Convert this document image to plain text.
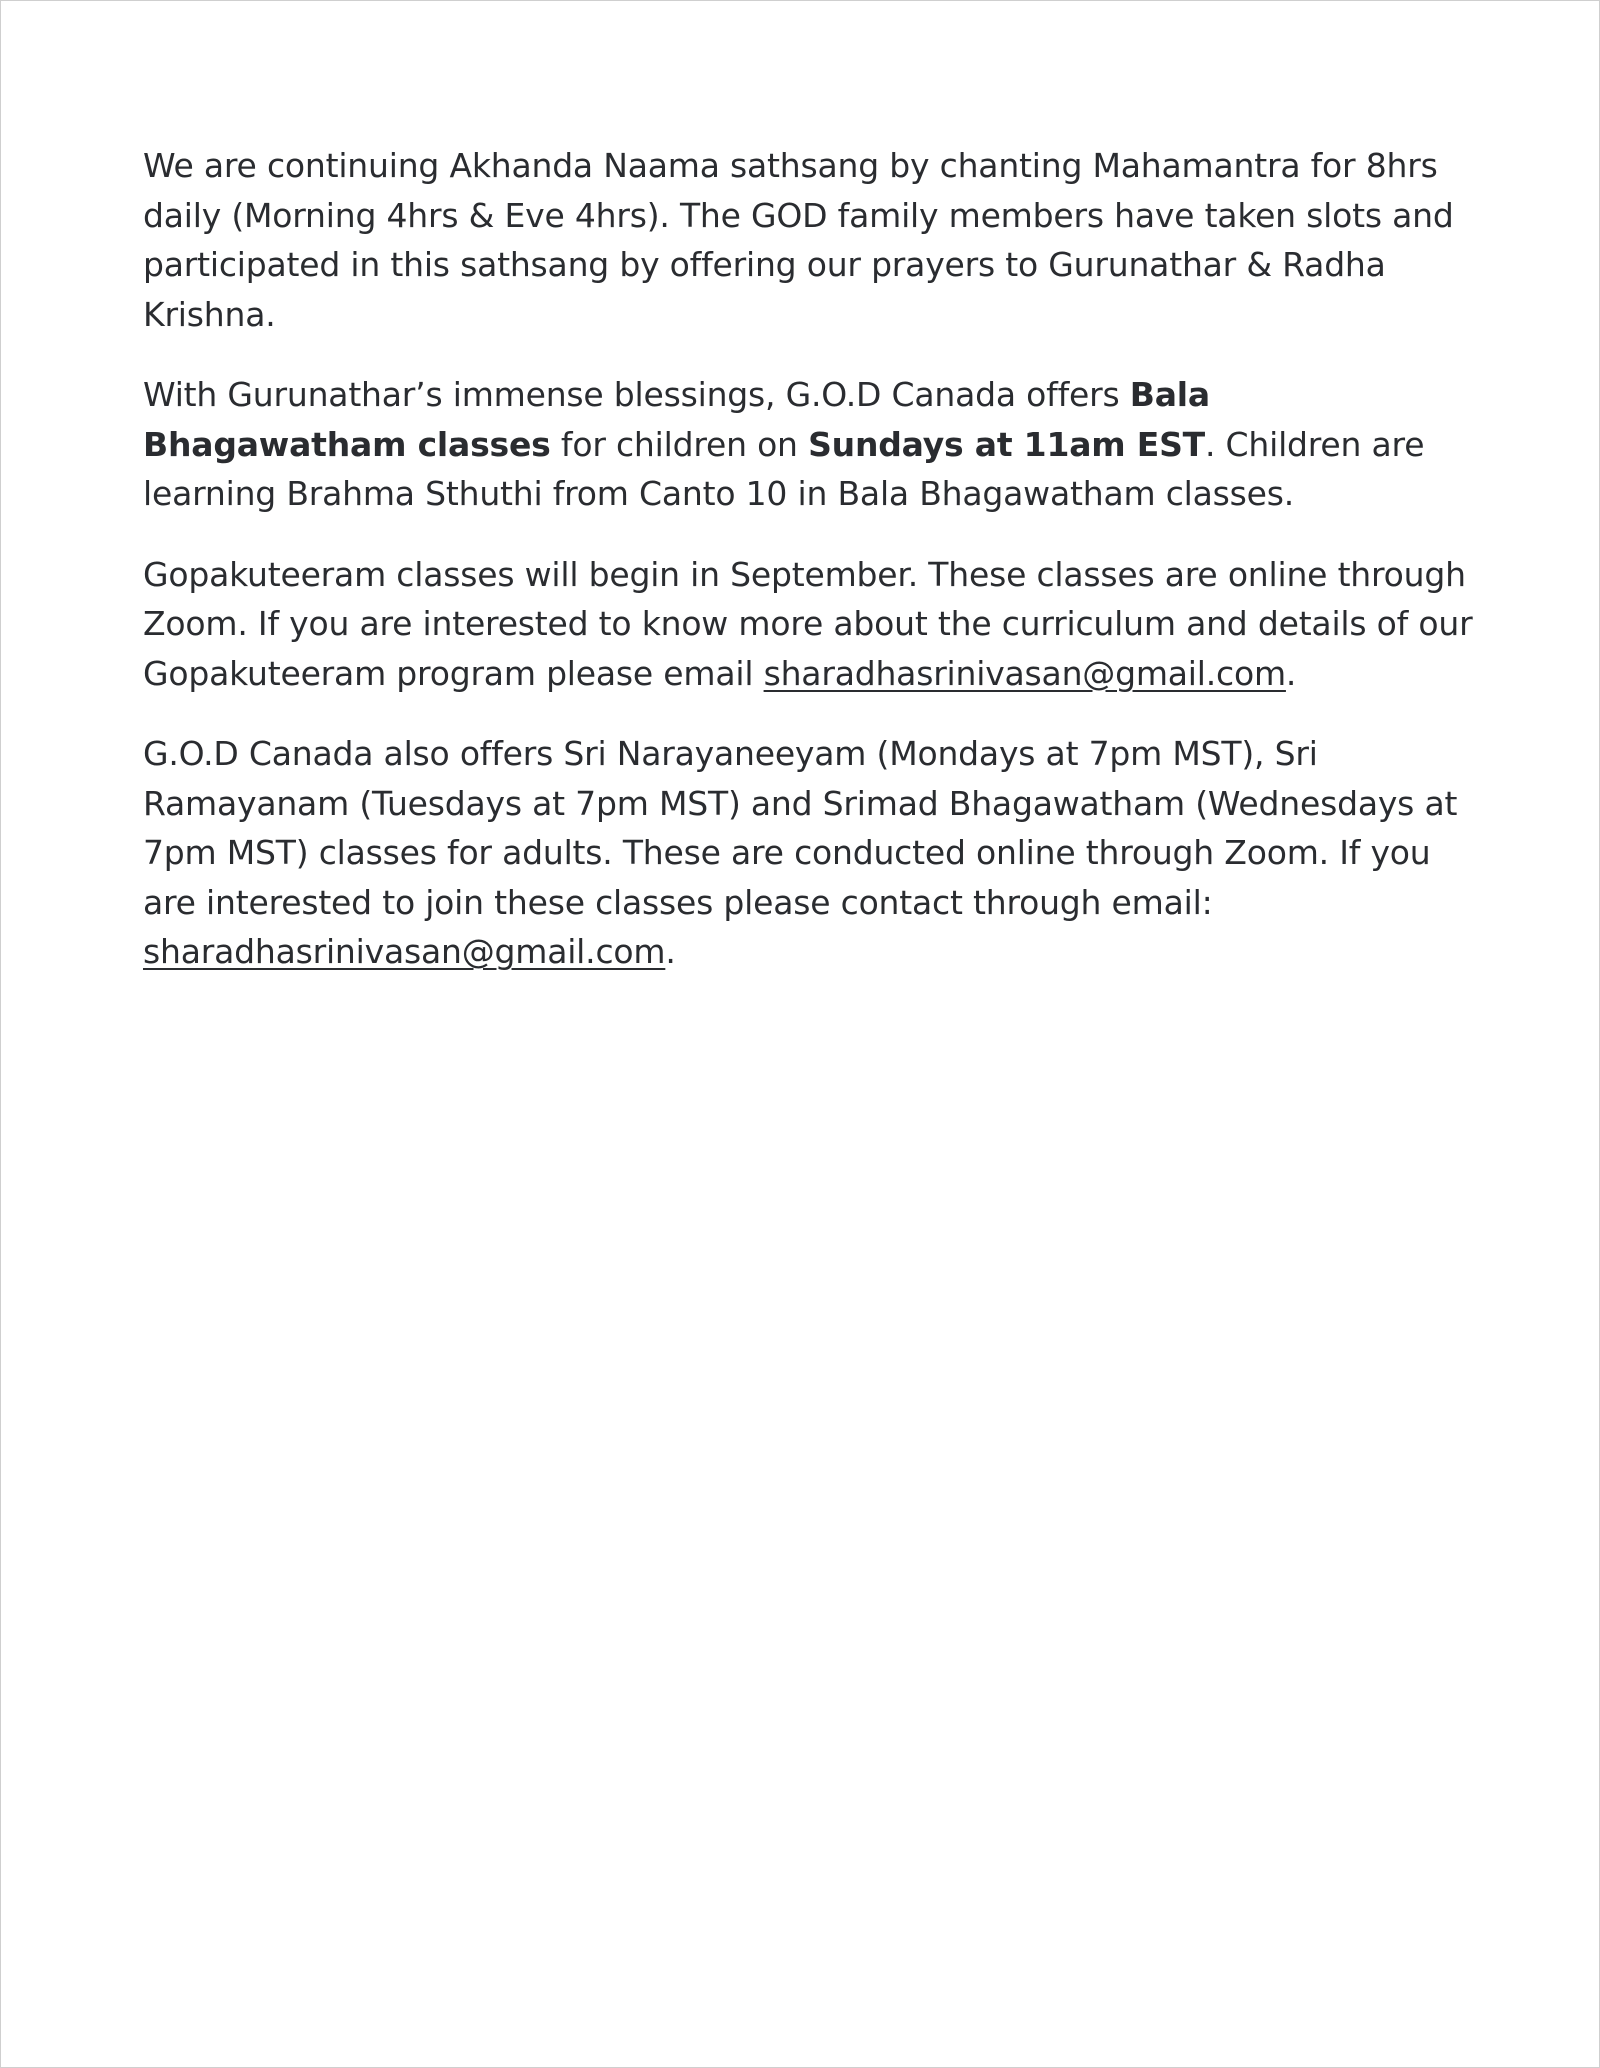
We are continuing Akhanda Naama sathsang by chanting Mahamantra for 8hrs daily (Morning 4hrs & Eve 4hrs). The GOD family members have taken slots and participated in this sathsang by offering our prayers to Gurunathar & Radha Krishna.

With Gurunathar’s immense blessings, G.O.D Canada offers Bala Bhagawatham classes for children on Sundays at 11am EST. Children are learning Brahma Sthuthi from Canto 10 in Bala Bhagawatham classes.

Gopakuteeram classes will begin in September. These classes are online through Zoom. If you are interested to know more about the curriculum and details of our Gopakuteeram program please email sharadhasrinivasan@gmail.com.

G.O.D Canada also offers Sri Narayaneeyam (Mondays at 7pm MST), Sri Ramayanam (Tuesdays at 7pm MST) and Srimad Bhagawatham (Wednesdays at 7pm MST) classes for adults. These are conducted online through Zoom. If you are interested to join these classes please contact through email: sharadhasrinivasan@gmail.com.
